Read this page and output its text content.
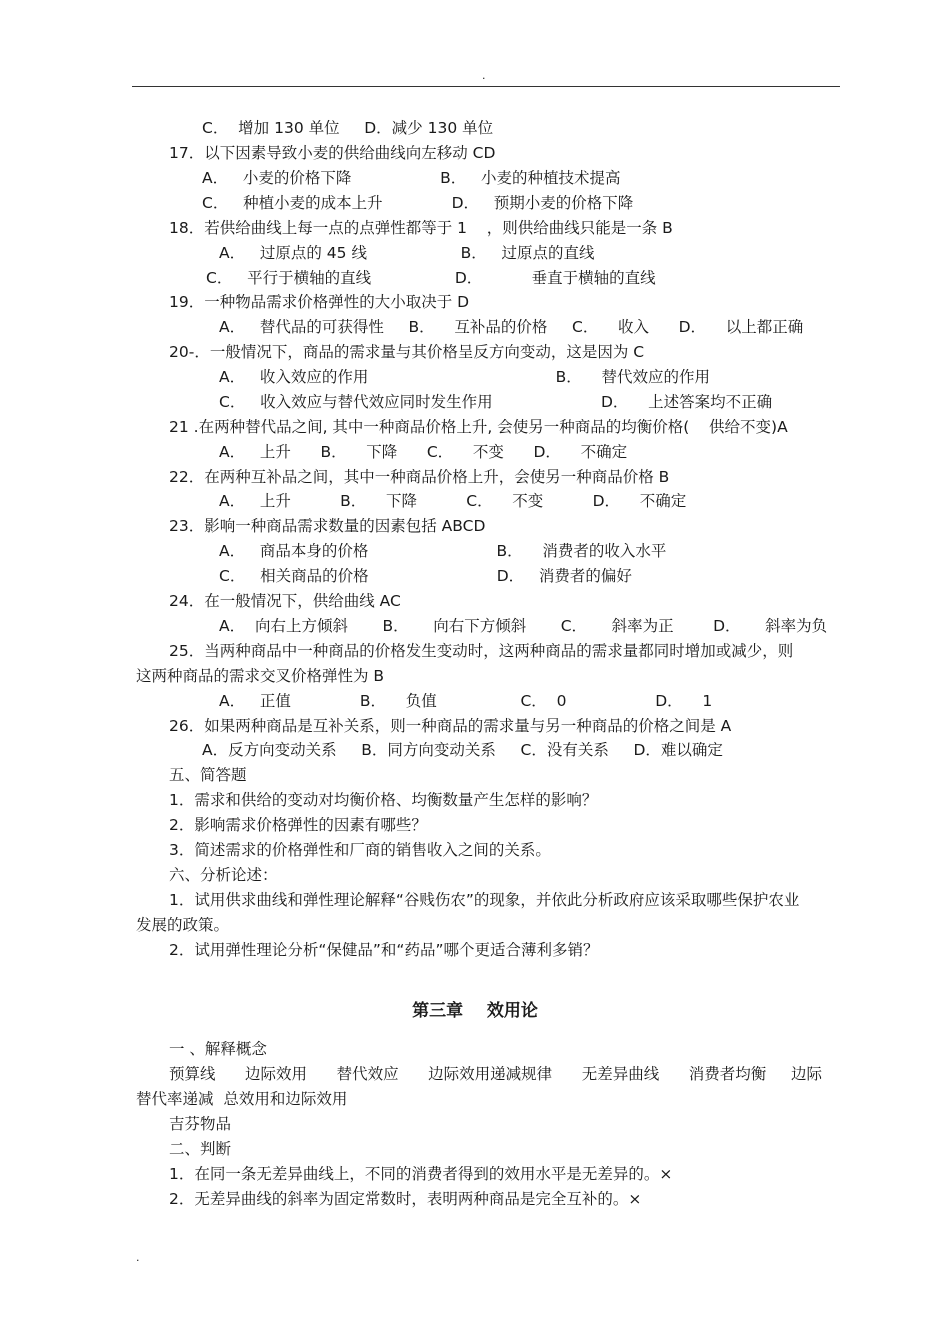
.
C．  增加 130 单位     D．减少 130 单位
17．以下因素导致小麦的供给曲线向左移动 CD
A．   小麦的价格下降                  B．   小麦的种植技术提高
C．   种植小麦的成本上升              D．   预期小麦的价格下降
18．若供给曲线上每一点的点弹性都等于 1    ，则供给曲线只能是一条 B
A．   过原点的 45 线                   B．   过原点的直线
C．   平行于横轴的直线                 D．          垂直于横轴的直线
19．一种物品需求价格弹性的大小取决于 D
A．   替代品的可获得性     B．    互补品的价格     C．    收入      D．    以上都正确
20-．一般情况下，商品的需求量与其价格呈反方向变动，这是因为 C
A．   收入效应的作用                                      B．    替代效应的作用
C．   收入效应与替代效应同时发生作用                      D．    上述答案均不正确
21 .在两种替代品之间, 其中一种商品价格上升, 会使另一种商品的均衡价格(    供给不变)A
A．   上升      B．    下降      C．    不变      D．    不确定
22．在两种互补品之间，其中一种商品价格上升，会使另一种商品价格 B
A．   上升          B．    下降          C．    不变          D．    不确定
23．影响一种商品需求数量的因素包括 ABCD
A．   商品本身的价格                          B．    消费者的收入水平
C．   相关商品的价格                          D．   消费者的偏好
24．在一般情况下，供给曲线 AC
A．  向右上方倾斜       B．     向右下方倾斜       C．     斜率为正        D．     斜率为负
25．当两种商品中一种商品的价格发生变动时，这两种商品的需求量都同时增加或减少，则
这两种商品的需求交叉价格弹性为 B
A．   正值              B．    负值                 C．  0                  D．    1
26．如果两种商品是互补关系，则一种商品的需求量与另一种商品的价格之间是 A
A．反方向变动关系     B．同方向变动关系     C．没有关系     D．难以确定
五、简答题
1．需求和供给的变动对均衡价格、均衡数量产生怎样的影响？
2．影响需求价格弹性的因素有哪些？
3．简述需求的价格弹性和厂商的销售收入之间的关系。
六、分析论述：
1．试用供求曲线和弹性理论解释“谷贱伤农”的现象，并依此分析政府应该采取哪些保护农业
发展的政策。
2．试用弹性理论分析“保健品”和“药品”哪个更适合薄利多销？
第三章    效用论
一 、解释概念
预算线      边际效用      替代效应      边际效用递减规律      无差异曲线      消费者均衡     边际
替代率递减  总效用和边际效用
吉芬物品
二、判断
1．在同一条无差异曲线上，不同的消费者得到的效用水平是无差异的。×
2．无差异曲线的斜率为固定常数时，表明两种商品是完全互补的。×
.
